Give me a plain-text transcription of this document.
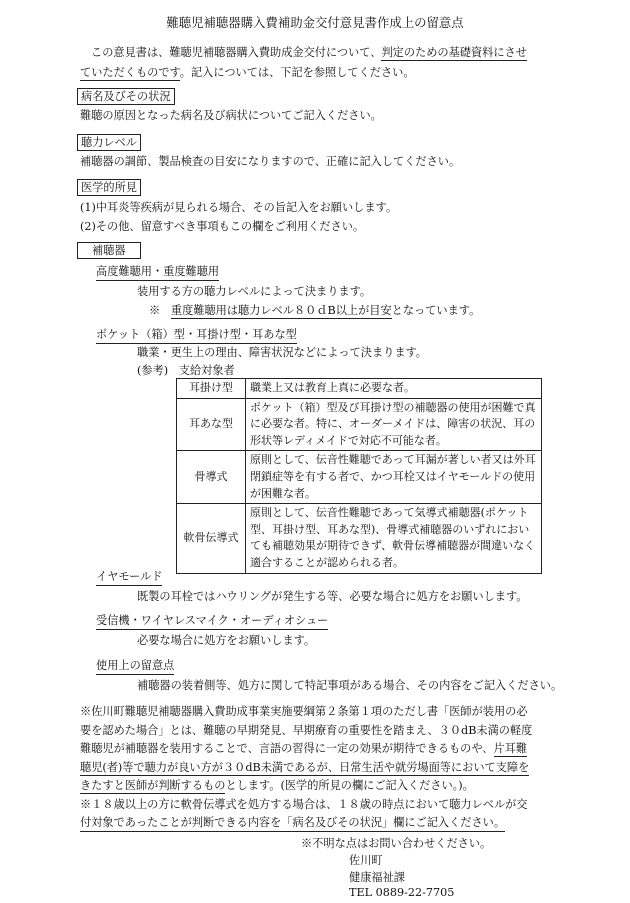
難聴児補聴器購入費補助金交付意見書作成上の留意点
この意見書は、難聴児補聴器購入費助成金交付について、判定のための基礎資料にさせ
ていただくものです。記入については、下記を参照してください。
病名及びその状況
難聴の原因となった病名及び病状についてご記入ください。
聴力レベル
補聴器の調節、製品検査の目安になりますので、正確に記入してください。
医学的所見
(1)中耳炎等疾病が見られる場合、その旨記入をお願いします。
(2)その他、留意すべき事項もこの欄をご利用ください。
補聴器
高度難聴用・重度難聴用
装用する方の聴力レベルによって決まります。
※ 重度難聴用は聴力レベル８０ｄB以上が目安となっています。
ポケット（箱）型・耳掛け型・耳あな型
職業・更生上の理由、障害状況などによって決まります。
(参考) 支給対象者
耳掛け型	職業上又は教育上真に必要な者。
耳あな型	ポケット（箱）型及び耳掛け型の補聴器の使用が困難で真に必要な者。特に、オーダーメイドは、障害の状況、耳の形状等レディメイドで対応不可能な者。
骨導式	原則として、伝音性難聴であって耳漏が著しい者又は外耳閉鎖症等を有する者で、かつ耳栓又はイヤモールドの使用が困難な者。
軟骨伝導式	原則として、伝音性難聴であって気導式補聴器(ポケット型、耳掛け型、耳あな型)、骨導式補聴器のいずれにおいても補聴効果が期待できず、軟骨伝導補聴器が間違いなく適合することが認められる者。
イヤモールド
既製の耳栓ではハウリングが発生する等、必要な場合に処方をお願いします。
受信機・ワイヤレスマイク・オーディオシュー
必要な場合に処方をお願いします。
使用上の留意点
補聴器の装着側等、処方に関して特記事項がある場合、その内容をご記入ください。
※佐川町難聴児補聴器購入費助成事業実施要綱第２条第１項のただし書「医師が装用の必
要を認めた場合」とは、難聴の早期発見、早期療育の重要性を踏まえ、３０dB未満の軽度
難聴児が補聴器を装用することで、言語の習得に一定の効果が期待できるものや、片耳難
聴児(者)等で聴力が良い方が３０dB未満であるが、日常生活や就労場面等において支障を
きたすと医師が判断するものとします。(医学的所見の欄にご記入ください。)。
※１８歳以上の方に軟骨伝導式を処方する場合は、１８歳の時点において聴力レベルが交
付対象であったことが判断できる内容を「病名及びその状況」欄にご記入ください。
※不明な点はお問い合わせください。
佐川町
健康福祉課
TEL 0889-22-7705
